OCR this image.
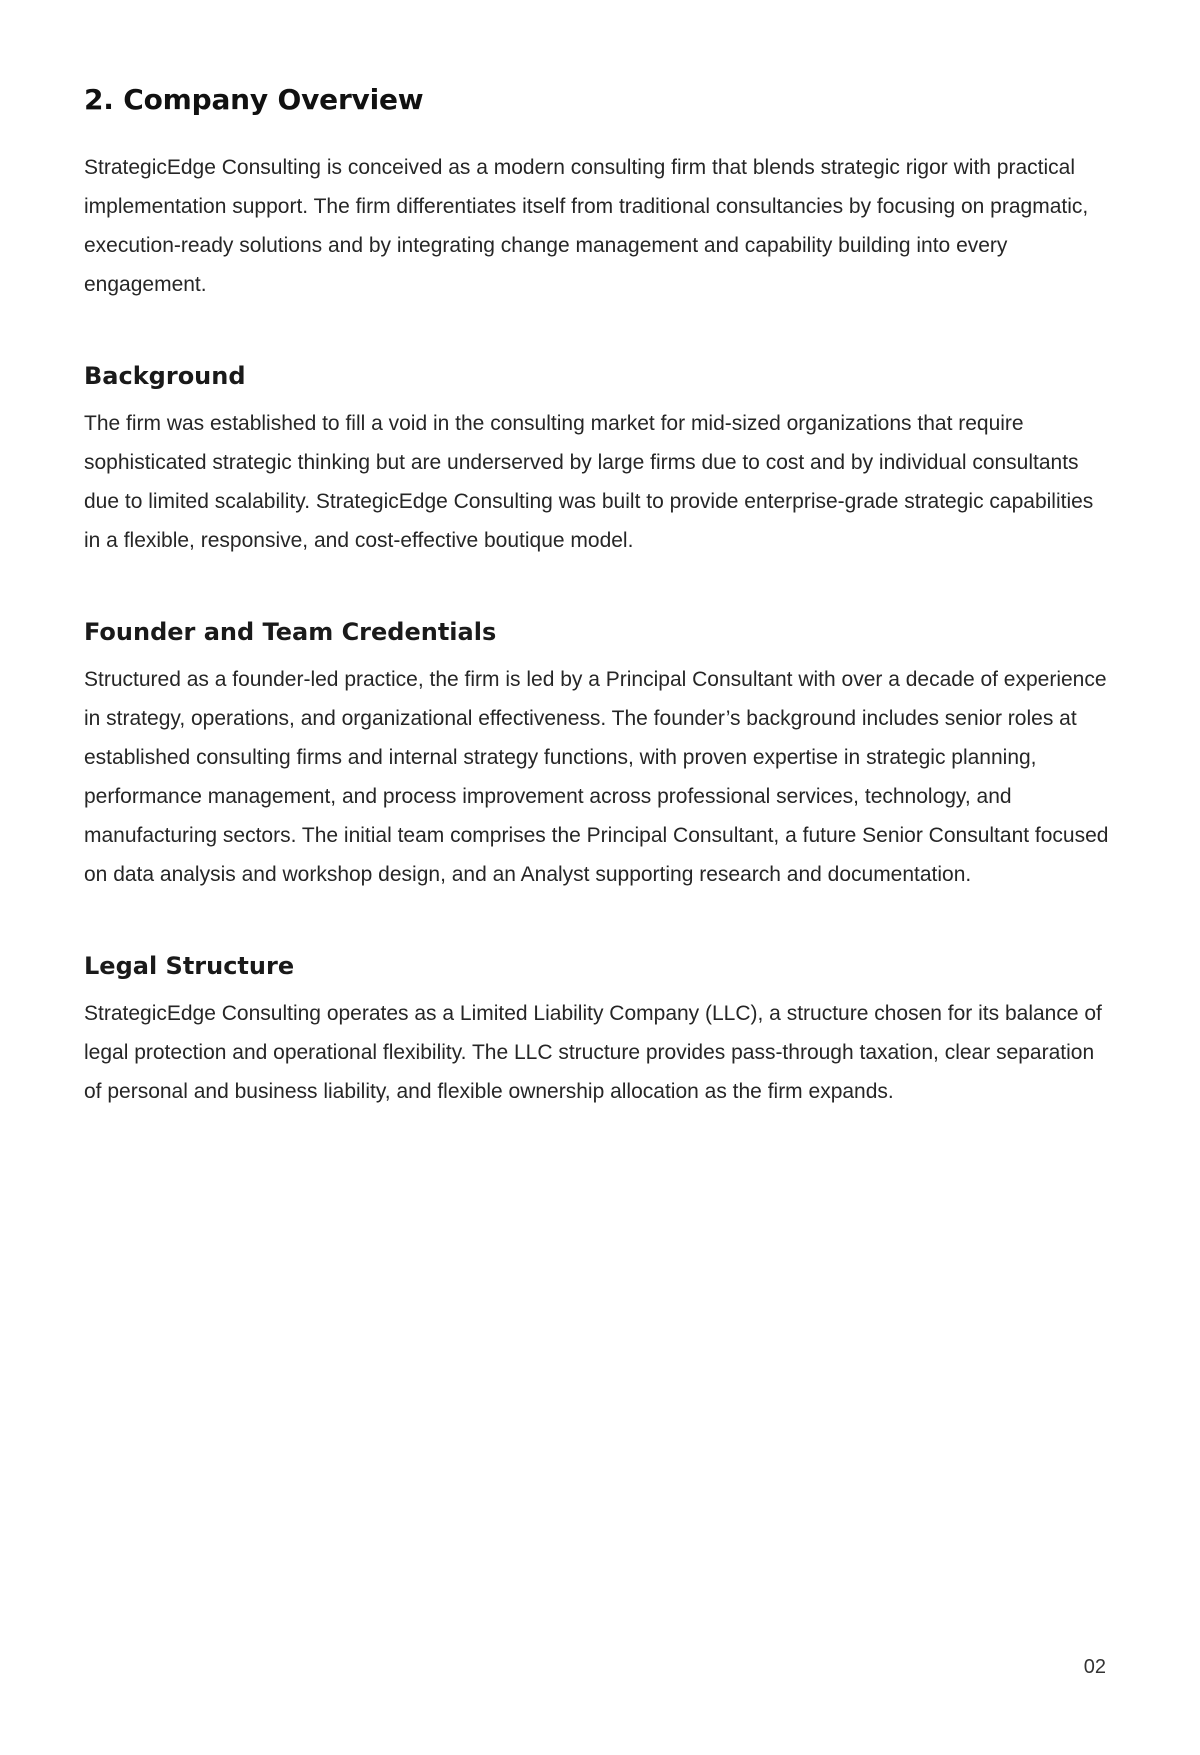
2. Company Overview

StrategicEdge Consulting is conceived as a modern consulting firm that blends strategic rigor with practical implementation support. The firm differentiates itself from traditional consultancies by focusing on pragmatic, execution-ready solutions and by integrating change management and capability building into every engagement.

Background

The firm was established to fill a void in the consulting market for mid-sized organizations that require sophisticated strategic thinking but are underserved by large firms due to cost and by individual consultants due to limited scalability. StrategicEdge Consulting was built to provide enterprise-grade strategic capabilities in a flexible, responsive, and cost-effective boutique model.

Founder and Team Credentials

Structured as a founder-led practice, the firm is led by a Principal Consultant with over a decade of experience in strategy, operations, and organizational effectiveness. The founder’s background includes senior roles at established consulting firms and internal strategy functions, with proven expertise in strategic planning, performance management, and process improvement across professional services, technology, and manufacturing sectors. The initial team comprises the Principal Consultant, a future Senior Consultant focused on data analysis and workshop design, and an Analyst supporting research and documentation.

Legal Structure

StrategicEdge Consulting operates as a Limited Liability Company (LLC), a structure chosen for its balance of legal protection and operational flexibility. The LLC structure provides pass-through taxation, clear separation of personal and business liability, and flexible ownership allocation as the firm expands.

02
